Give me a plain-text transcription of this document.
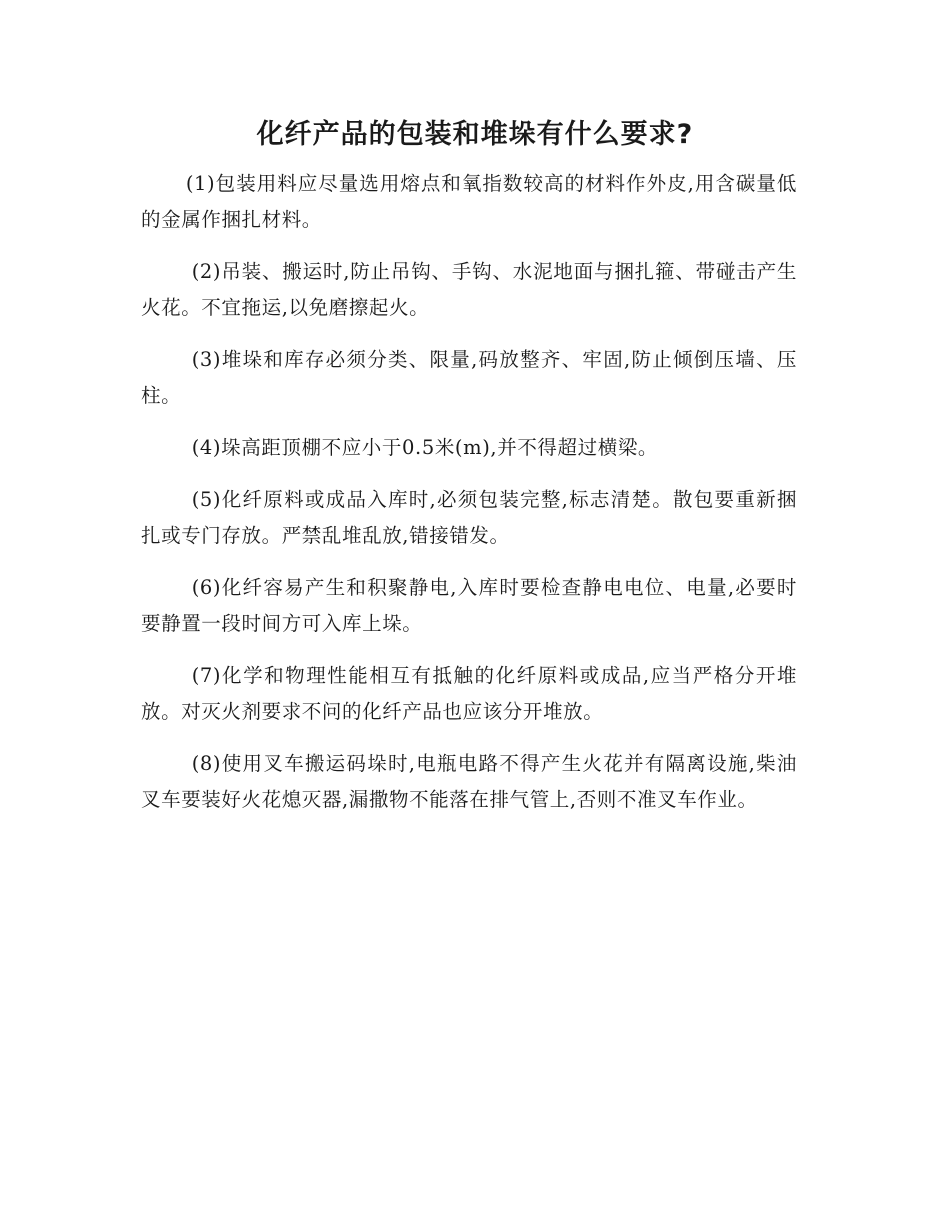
化纤产品的包装和堆垛有什么要求?

(1)包装用料应尽量选用熔点和氧指数较高的材料作外皮,用含碳量低的金属作捆扎材料。

(2)吊装、搬运时,防止吊钩、手钩、水泥地面与捆扎箍、带碰击产生火花。不宜拖运,以免磨擦起火。

(3)堆垛和库存必须分类、限量,码放整齐、牢固,防止倾倒压墙、压柱。

(4)垛高距顶棚不应小于0.5米(m),并不得超过横梁。

(5)化纤原料或成品入库时,必须包装完整,标志清楚。散包要重新捆扎或专门存放。严禁乱堆乱放,错接错发。

(6)化纤容易产生和积聚静电,入库时要检查静电电位、电量,必要时要静置一段时间方可入库上垛。

(7)化学和物理性能相互有抵触的化纤原料或成品,应当严格分开堆放。对灭火剂要求不问的化纤产品也应该分开堆放。

(8)使用叉车搬运码垛时,电瓶电路不得产生火花并有隔离设施,柴油叉车要装好火花熄灭器,漏撒物不能落在排气管上,否则不准叉车作业。
